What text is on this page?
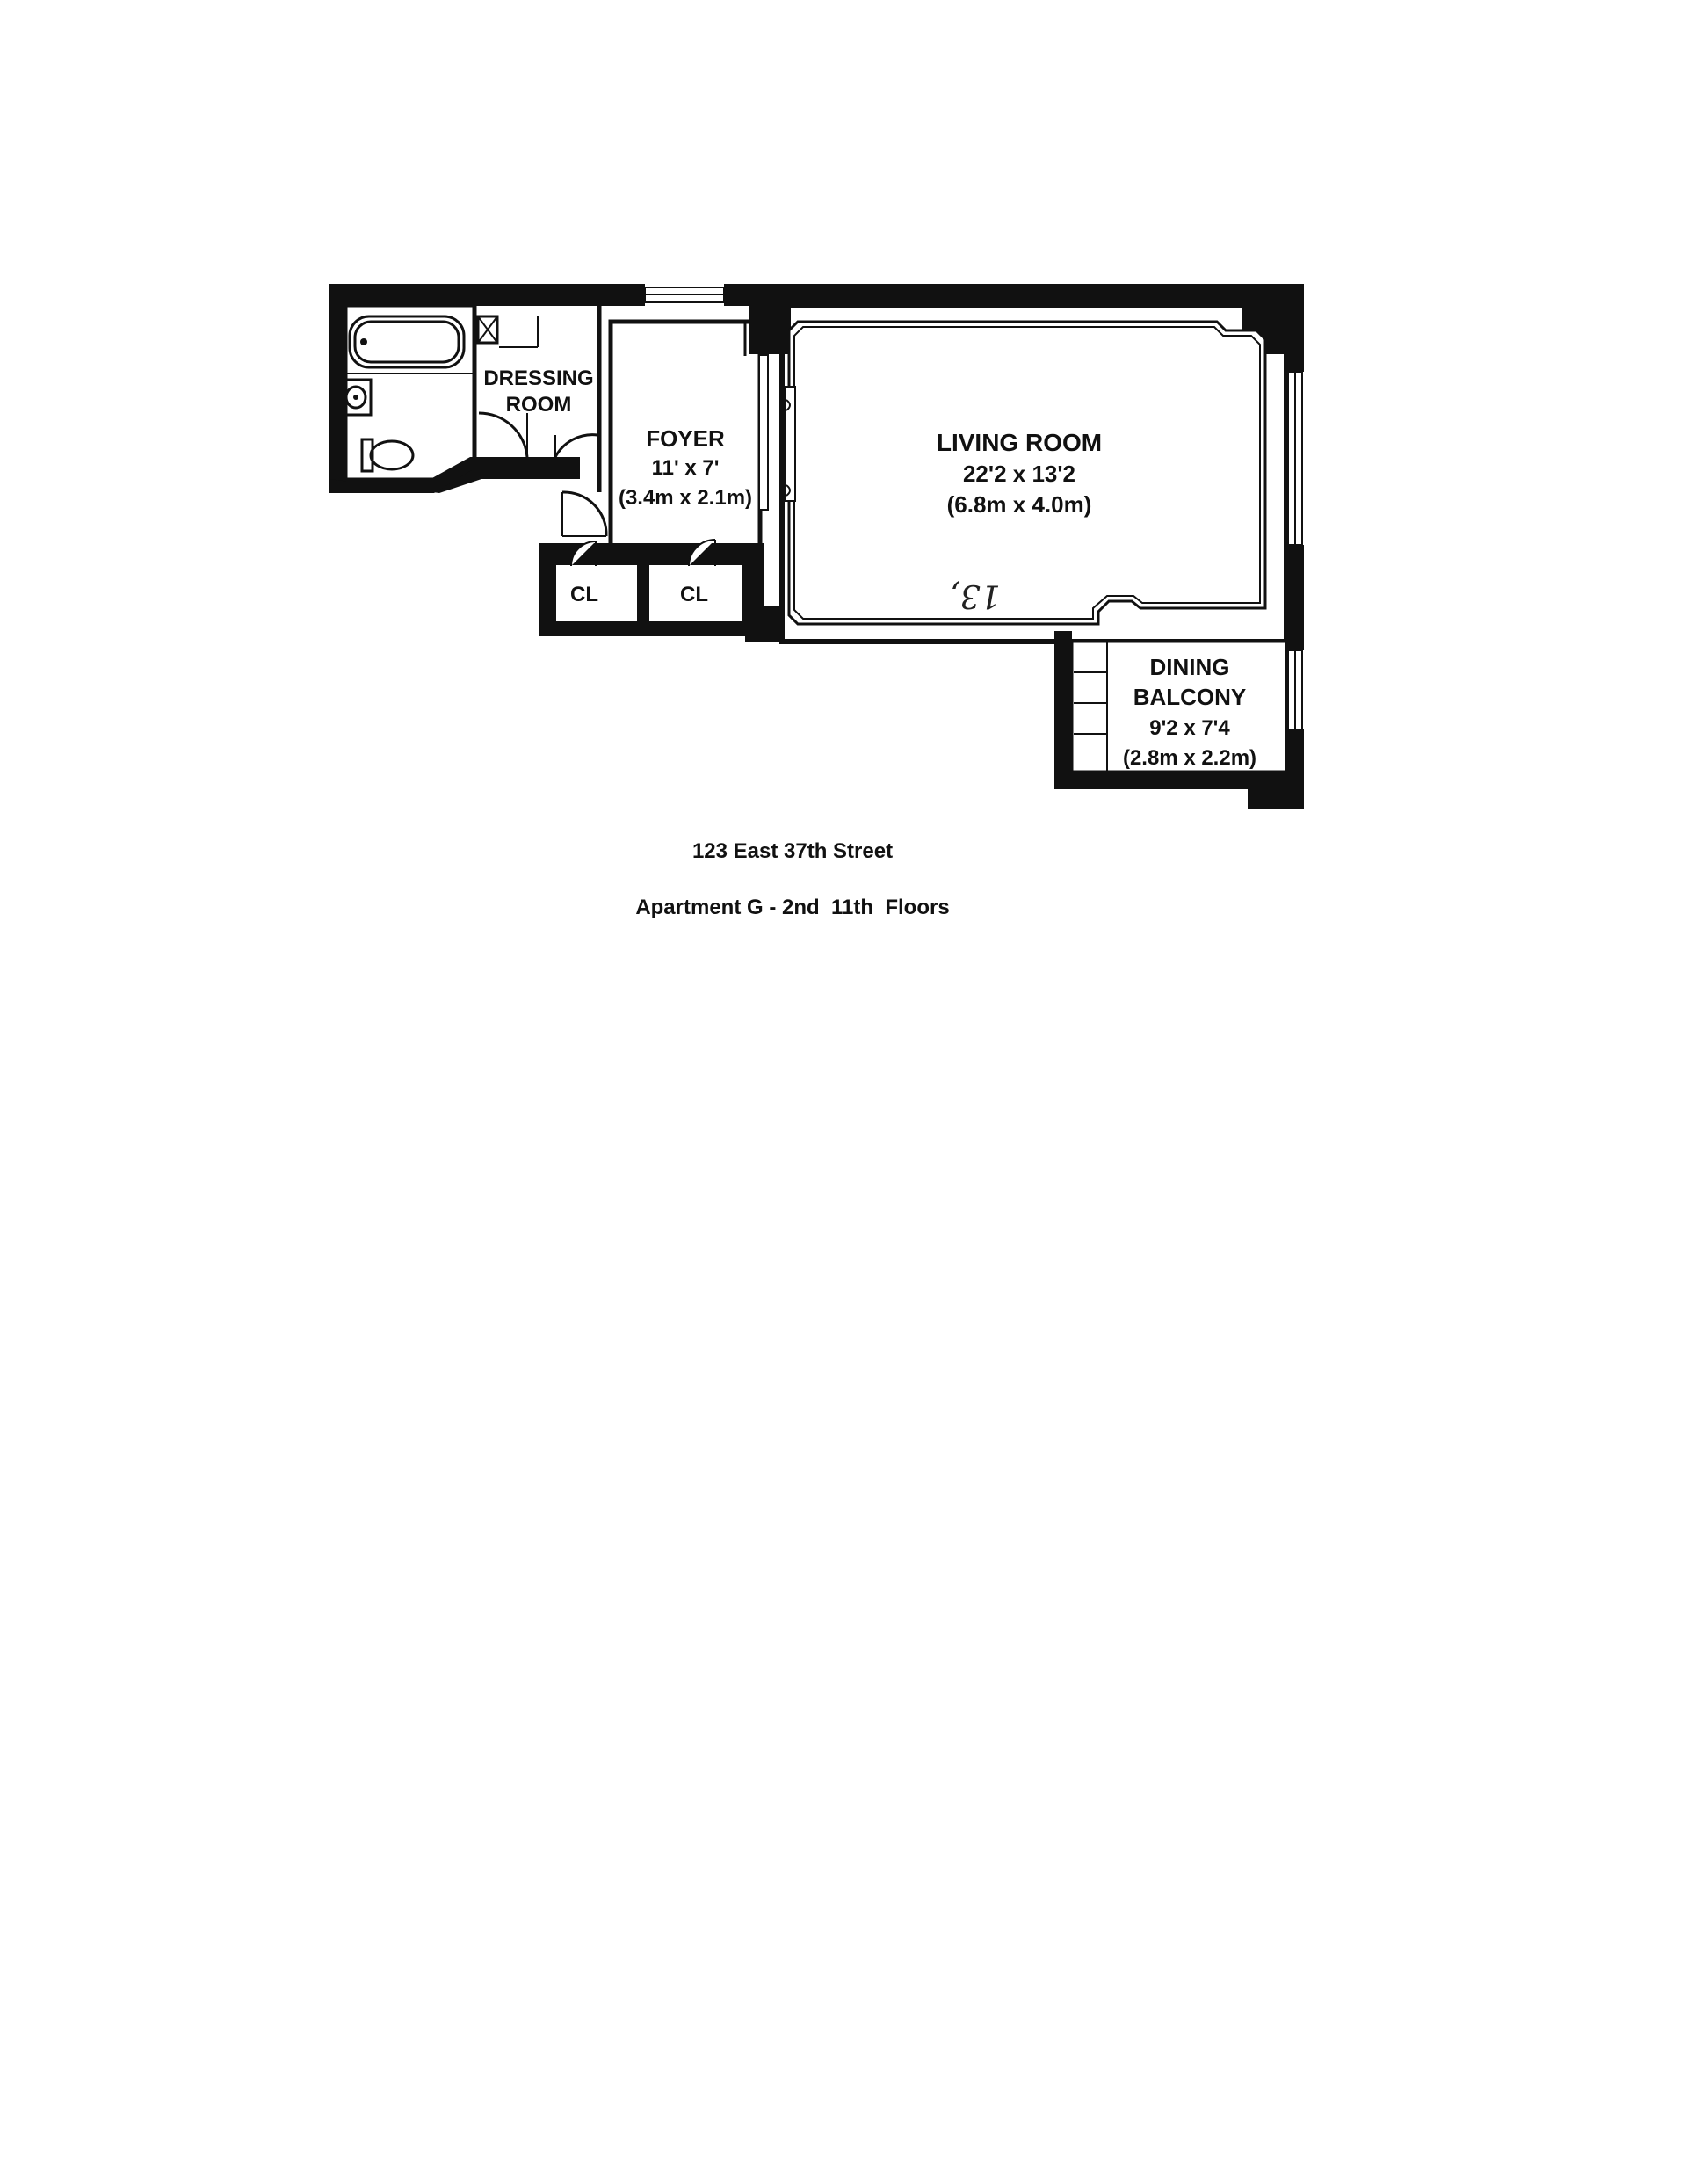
DRESSING
ROOM
FOYER
11' x 7'
(3.4m x 2.1m)
CL	CL
LIVING ROOM
22'2 x 13'2
(6.8m x 4.0m)
13,
DINING
BALCONY
9'2 x 7'4
(2.8m x 2.2m)
123 East 37th Street
Apartment G - 2nd  11th  Floors
